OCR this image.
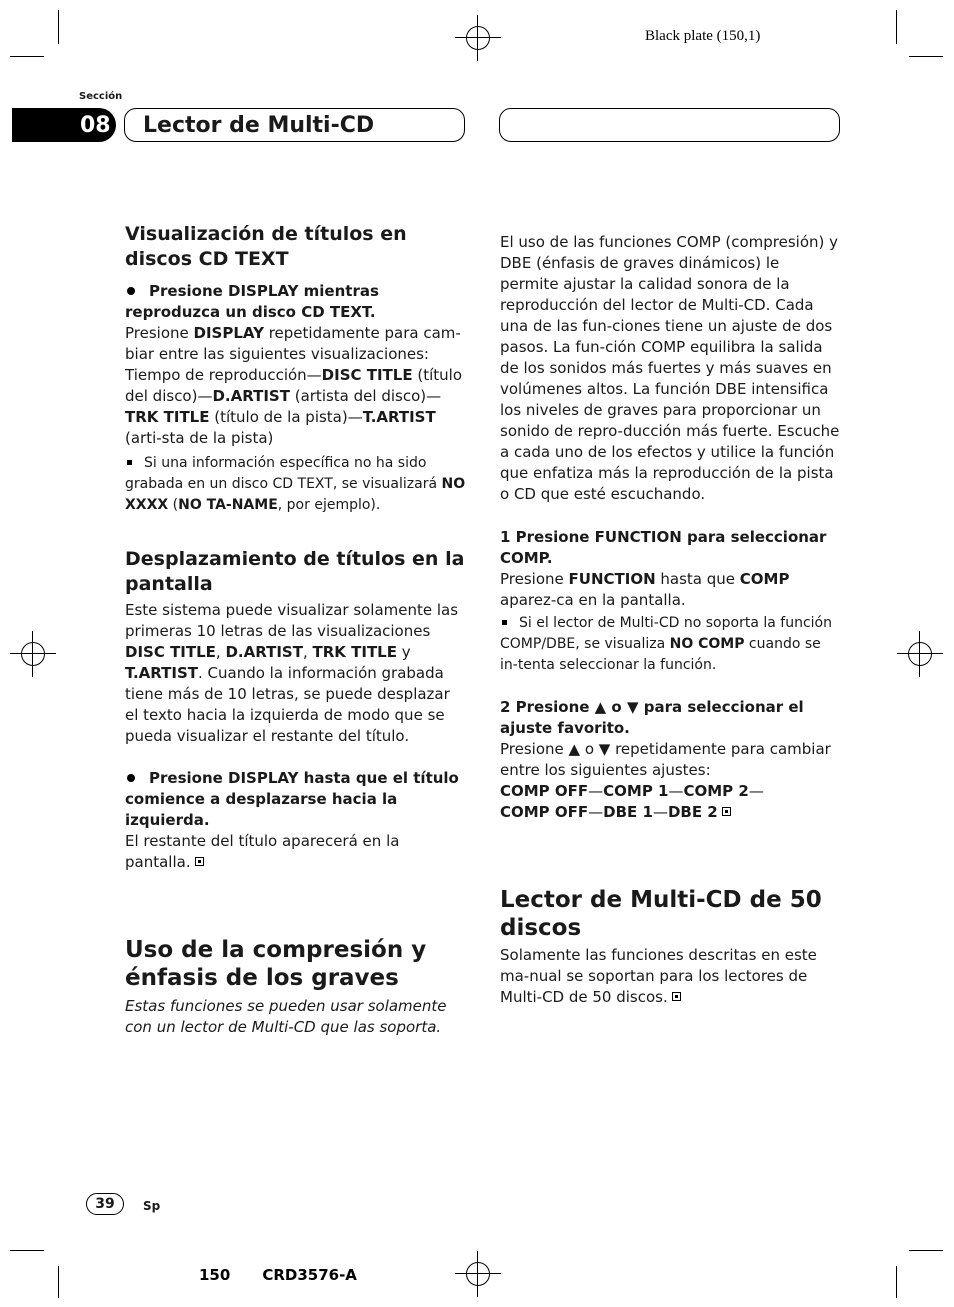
Black plate (150,1)
Sección
08 Lector de Multi-CD
Visualización de títulos en
discos CD TEXT

Presione DISPLAY mientras reproduzca un disco CD TEXT.

Presione DISPLAY repetidamente para cam-biar entre las siguientes visualizaciones: Tiempo de reproducción—DISC TITLE (título del disco)—D.ARTIST (artista del disco)—TRK TITLE (título de la pista)—T.ARTIST (arti-sta de la pista)

Si una información específica no ha sido grabada en un disco CD TEXT, se visualizará NO XXXX (NO TA-NAME, por ejemplo).

Desplazamiento de títulos en la
pantalla

Este sistema puede visualizar solamente las primeras 10 letras de las visualizaciones DISC TITLE, D.ARTIST, TRK TITLE y T.ARTIST. Cuando la información grabada tiene más de 10 letras, se puede desplazar el texto hacia la izquierda de modo que se pueda visualizar el restante del título.

Presione DISPLAY hasta que el título comience a desplazarse hacia la izquierda.

El restante del título aparecerá en la pantalla.

Uso de la compresión y
énfasis de los graves

Estas funciones se pueden usar solamente con un lector de Multi-CD que las soporta.

El uso de las funciones COMP (compresión) y DBE (énfasis de graves dinámicos) le permite ajustar la calidad sonora de la reproducción del lector de Multi-CD. Cada una de las fun-ciones tiene un ajuste de dos pasos. La fun-ción COMP equilibra la salida de los sonidos más fuertes y más suaves en volúmenes altos. La función DBE intensifica los niveles de graves para proporcionar un sonido de repro-ducción más fuerte. Escuche a cada uno de los efectos y utilice la función que enfatiza más la reproducción de la pista o CD que esté escuchando.

1 Presione FUNCTION para seleccionar COMP.

Presione FUNCTION hasta que COMP aparez-ca en la pantalla.

Si el lector de Multi-CD no soporta la función COMP/DBE, se visualiza NO COMP cuando se in-tenta seleccionar la función.

2 Presione ▲ o ▼ para seleccionar el ajuste favorito.

Presione ▲ o ▼ repetidamente para cambiar entre los siguientes ajustes:

COMP OFF—COMP 1—COMP 2—

COMP OFF—DBE 1—DBE 2

Lector de Multi-CD de 50
discos

Solamente las funciones descritas en este ma-nual se soportan para los lectores de Multi-CD de 50 discos.

39	Sp
150 CRD3576-A
